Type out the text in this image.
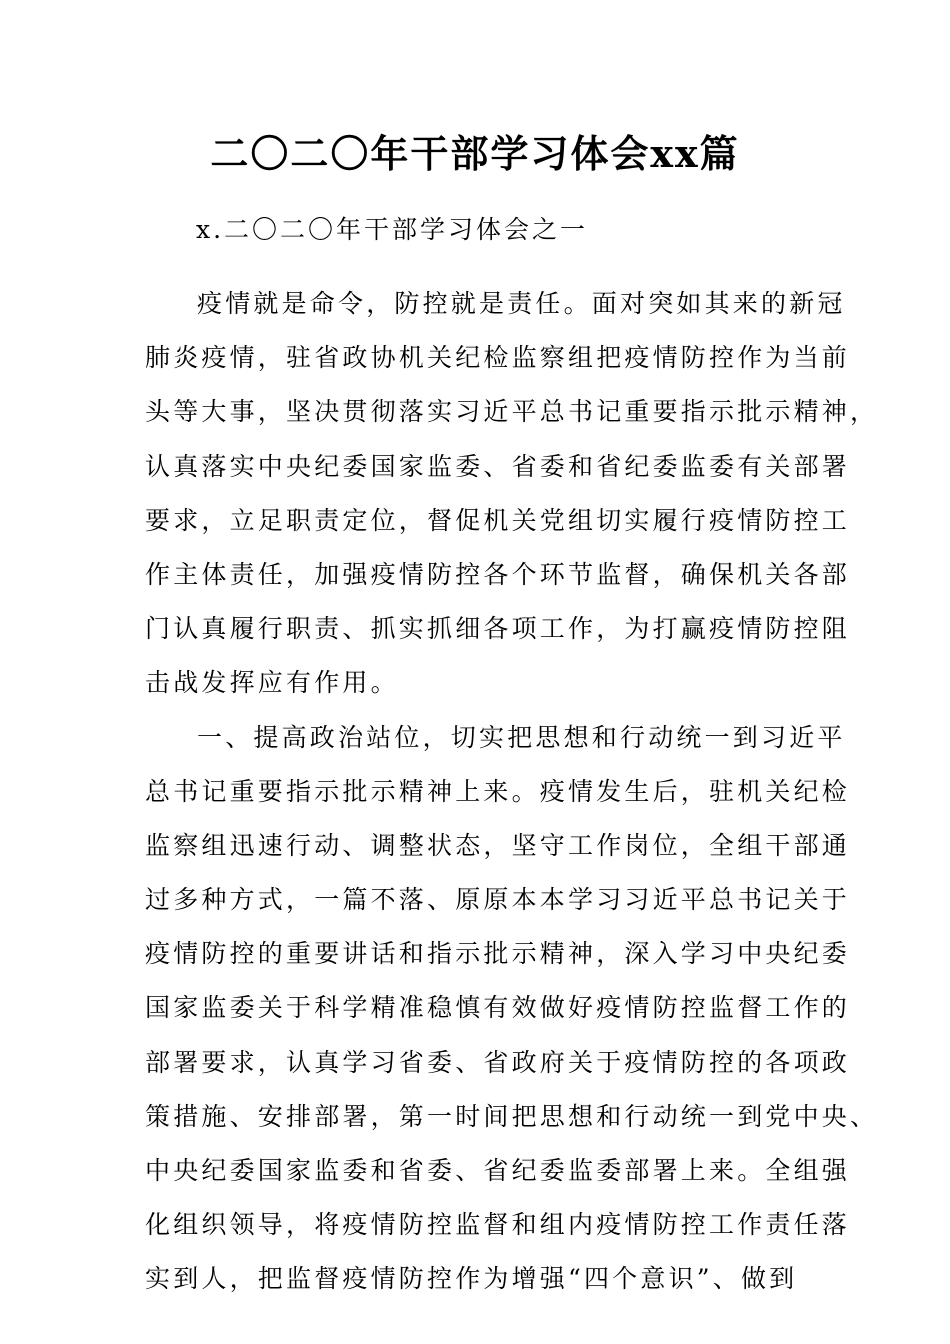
二〇二〇年干部学习体会xx篇
x.二〇二〇年干部学习体会之一
疫情就是命令，防控就是责任。面对突如其来的新冠
肺炎疫情，驻省政协机关纪检监察组把疫情防控作为当前
头等大事，坚决贯彻落实习近平总书记重要指示批示精神，
认真落实中央纪委国家监委、省委和省纪委监委有关部署
要求，立足职责定位，督促机关党组切实履行疫情防控工
作主体责任，加强疫情防控各个环节监督，确保机关各部
门认真履行职责、抓实抓细各项工作，为打赢疫情防控阻
击战发挥应有作用。
一、提高政治站位，切实把思想和行动统一到习近平
总书记重要指示批示精神上来。疫情发生后，驻机关纪检
监察组迅速行动、调整状态，坚守工作岗位，全组干部通
过多种方式，一篇不落、原原本本学习习近平总书记关于
疫情防控的重要讲话和指示批示精神，深入学习中央纪委
国家监委关于科学精准稳慎有效做好疫情防控监督工作的
部署要求，认真学习省委、省政府关于疫情防控的各项政
策措施、安排部署，第一时间把思想和行动统一到党中央、
中央纪委国家监委和省委、省纪委监委部署上来。全组强
化组织领导，将疫情防控监督和组内疫情防控工作责任落
实到人，把监督疫情防控作为增强“四个意识”、做到
